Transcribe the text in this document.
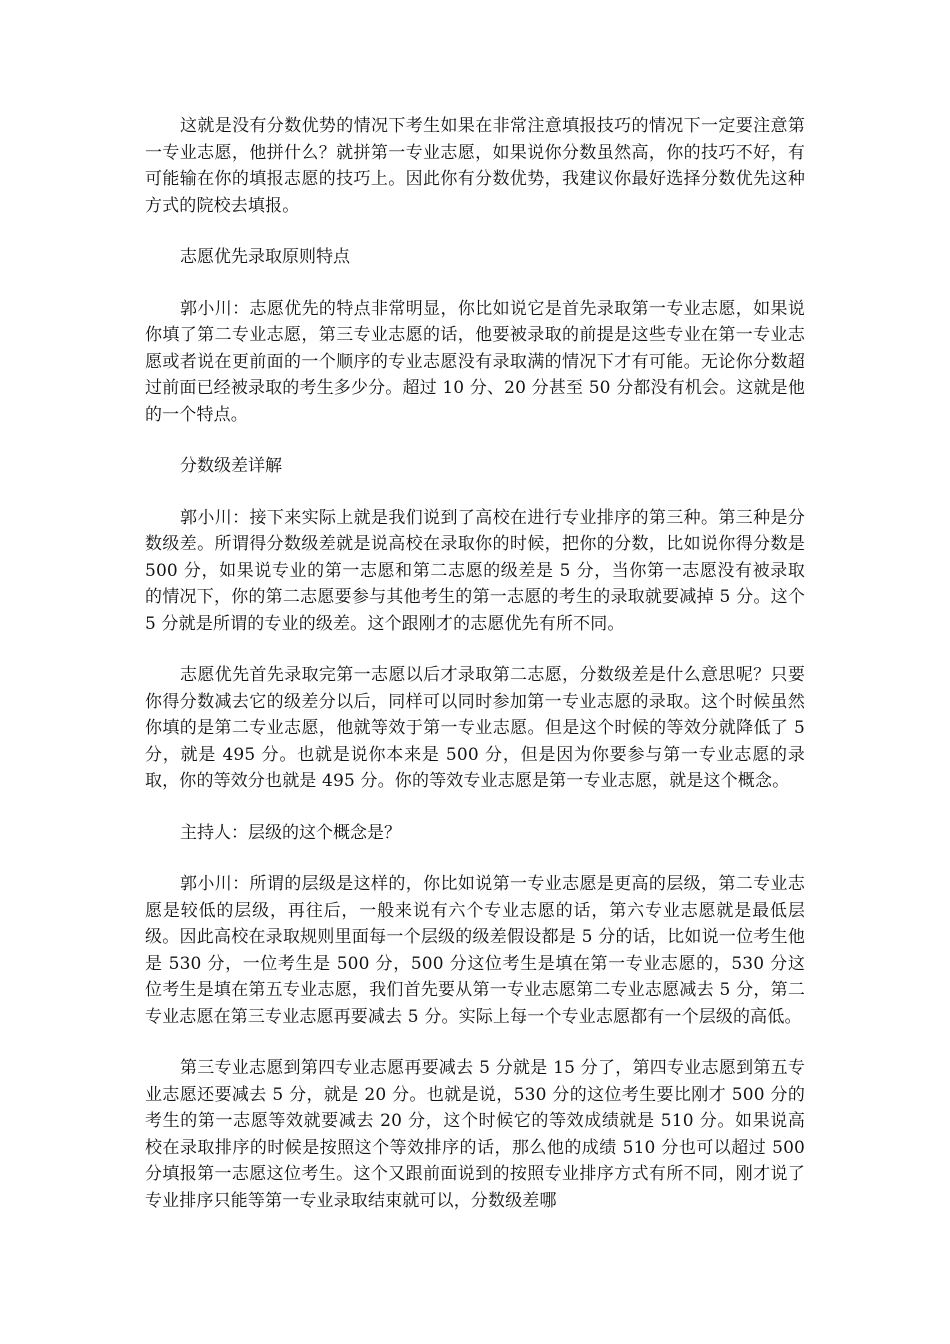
这就是没有分数优势的情况下考生如果在非常注意填报技巧的情况下一定要注意第一专业志愿，他拼什么？就拼第一专业志愿，如果说你分数虽然高，你的技巧不好，有可能输在你的填报志愿的技巧上。因此你有分数优势，我建议你最好选择分数优先这种方式的院校去填报。

志愿优先录取原则特点

郭小川：志愿优先的特点非常明显，你比如说它是首先录取第一专业志愿，如果说你填了第二专业志愿，第三专业志愿的话，他要被录取的前提是这些专业在第一专业志愿或者说在更前面的一个顺序的专业志愿没有录取满的情况下才有可能。无论你分数超过前面已经被录取的考生多少分。超过 10 分、20 分甚至 50 分都没有机会。这就是他的一个特点。

分数级差详解

郭小川：接下来实际上就是我们说到了高校在进行专业排序的第三种。第三种是分数级差。所谓得分数级差就是说高校在录取你的时候，把你的分数，比如说你得分数是 500 分，如果说专业的第一志愿和第二志愿的级差是 5 分，当你第一志愿没有被录取的情况下，你的第二志愿要参与其他考生的第一志愿的考生的录取就要减掉 5 分。这个 5 分就是所谓的专业的级差。这个跟刚才的志愿优先有所不同。

志愿优先首先录取完第一志愿以后才录取第二志愿，分数级差是什么意思呢？只要你得分数减去它的级差分以后，同样可以同时参加第一专业志愿的录取。这个时候虽然你填的是第二专业志愿，他就等效于第一专业志愿。但是这个时候的等效分就降低了 5 分，就是 495 分。也就是说你本来是 500 分，但是因为你要参与第一专业志愿的录取，你的等效分也就是 495 分。你的等效专业志愿是第一专业志愿，就是这个概念。

主持人：层级的这个概念是？

郭小川：所谓的层级是这样的，你比如说第一专业志愿是更高的层级，第二专业志愿是较低的层级，再往后，一般来说有六个专业志愿的话，第六专业志愿就是最低层级。因此高校在录取规则里面每一个层级的级差假设都是 5 分的话，比如说一位考生他是 530 分，一位考生是 500 分，500 分这位考生是填在第一专业志愿的，530 分这位考生是填在第五专业志愿，我们首先要从第一专业志愿第二专业志愿减去 5 分，第二专业志愿在第三专业志愿再要减去 5 分。实际上每一个专业志愿都有一个层级的高低。

第三专业志愿到第四专业志愿再要减去 5 分就是 15 分了，第四专业志愿到第五专业志愿还要减去 5 分，就是 20 分。也就是说，530 分的这位考生要比刚才 500 分的考生的第一志愿等效就要减去 20 分，这个时候它的等效成绩就是 510 分。如果说高校在录取排序的时候是按照这个等效排序的话，那么他的成绩 510 分也可以超过 500 分填报第一志愿这位考生。这个又跟前面说到的按照专业排序方式有所不同，刚才说了专业排序只能等第一专业录取结束就可以，分数级差哪
